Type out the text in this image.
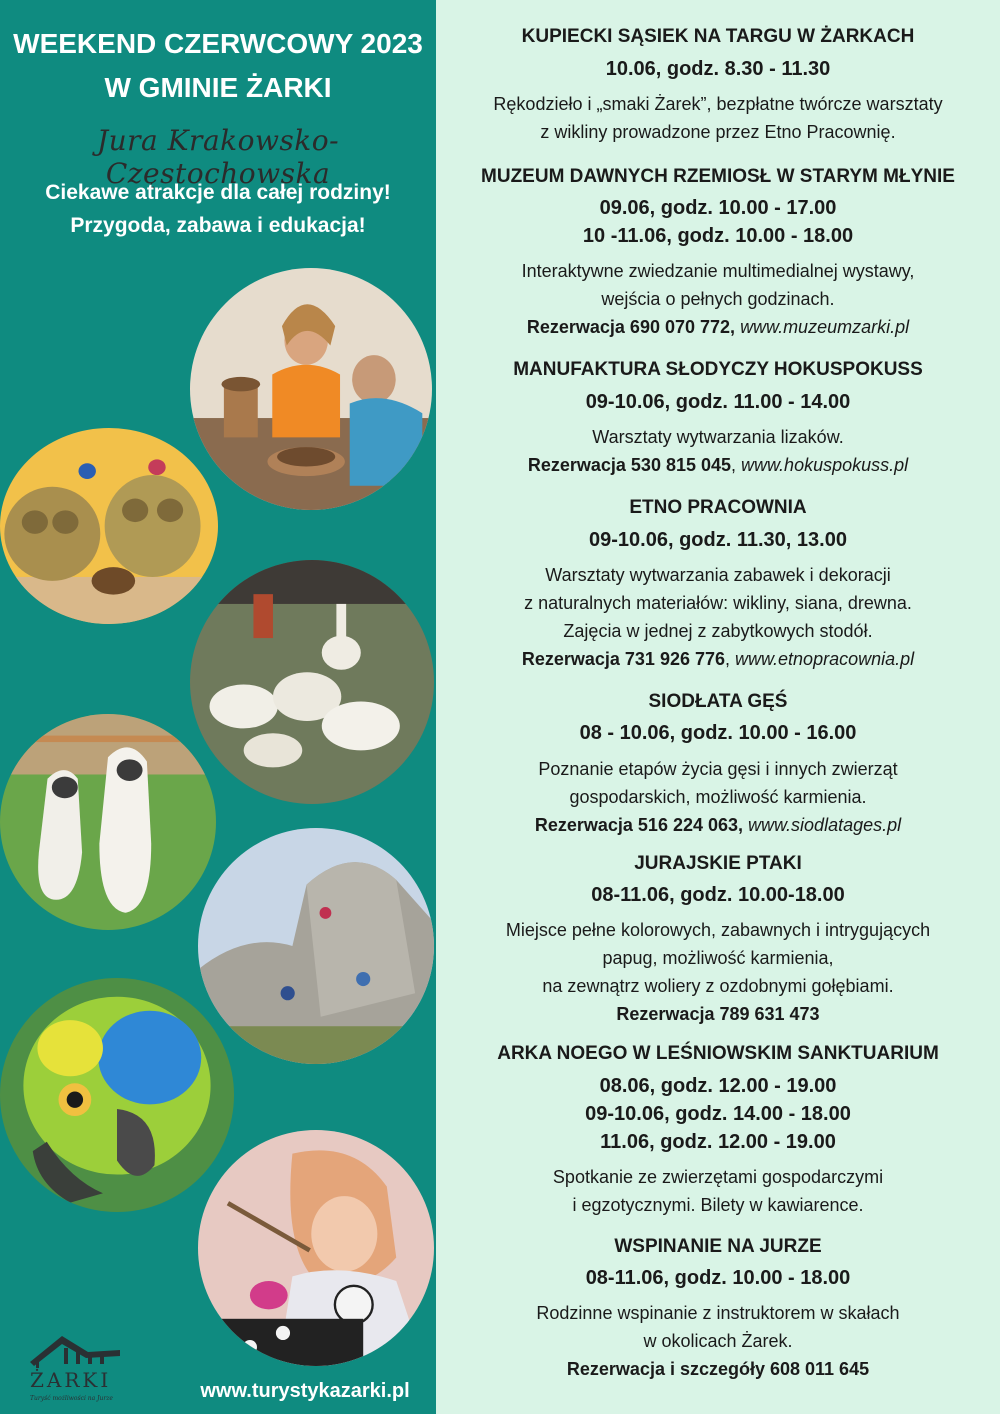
WEEKEND CZERWCOWY 2023
W GMINIE ŻARKI
Jura Krakowsko- Częstochowska
Ciekawe atrakcje dla całej rodziny!
Przygoda, zabawa i edukacja!
ŻARKI
Turyść możliwości na Jurze	www.turystykazarki.pl
KUPIECKI SĄSIEK NA TARGU W ŻARKACH
10.06, godz. 8.30 - 11.30
Rękodzieło i „smaki Żarek”, bezpłatne twórcze warsztaty
z wikliny prowadzone przez Etno Pracownię.
MUZEUM DAWNYCH RZEMIOSŁ W STARYM MŁYNIE
09.06, godz. 10.00 - 17.00
10 -11.06, godz. 10.00 - 18.00
Interaktywne zwiedzanie multimedialnej wystawy,
wejścia o pełnych godzinach.
Rezerwacja 690 070 772, www.muzeumzarki.pl
MANUFAKTURA SŁODYCZY HOKUSPOKUSS
09-10.06, godz. 11.00 - 14.00
Warsztaty wytwarzania lizaków.
Rezerwacja 530 815 045, www.hokuspokuss.pl
ETNO PRACOWNIA
09-10.06, godz. 11.30, 13.00
Warsztaty wytwarzania zabawek i dekoracji
z naturalnych materiałów: wikliny, siana, drewna.
Zajęcia w jednej z zabytkowych stodół.
Rezerwacja 731 926 776, www.etnopracownia.pl
SIODŁATA GĘŚ
08 - 10.06, godz. 10.00 - 16.00
Poznanie etapów życia gęsi i innych zwierząt
gospodarskich, możliwość karmienia.
Rezerwacja 516 224 063, www.siodlatages.pl
JURAJSKIE PTAKI
08-11.06, godz. 10.00-18.00
Miejsce pełne kolorowych, zabawnych i intrygujących
papug, możliwość karmienia,
na zewnątrz woliery z ozdobnymi gołębiami.
Rezerwacja 789 631 473
ARKA NOEGO W LEŚNIOWSKIM SANKTUARIUM
08.06, godz. 12.00 - 19.00
09-10.06, godz. 14.00 - 18.00
11.06, godz. 12.00 - 19.00
Spotkanie ze zwierzętami gospodarczymi
i egzotycznymi. Bilety w kawiarence.
WSPINANIE NA JURZE
08-11.06, godz. 10.00 - 18.00
Rodzinne wspinanie z instruktorem w skałach
w okolicach Żarek.
Rezerwacja i szczegóły 608 011 645
